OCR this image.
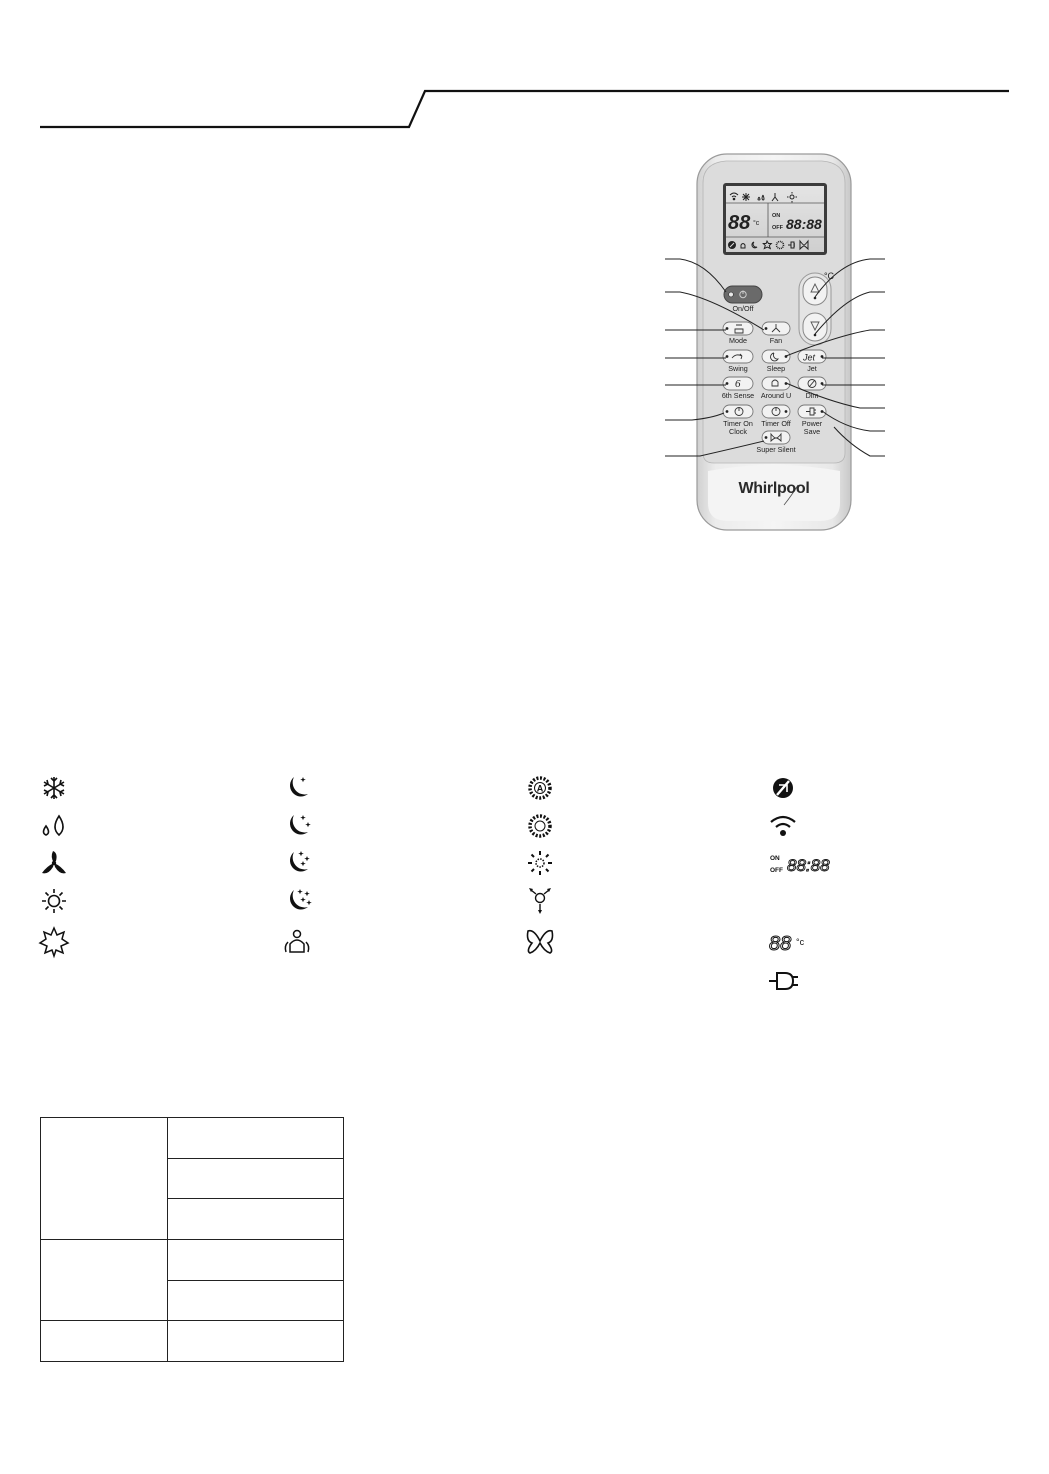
88 °c
ON
OFF 88:88
Jet
6
On/Off
Mode	Fan
Swing	Sleep	Jet
6th Sense Around U	Dim
Timer On
Clock
Timer Off	Power
Save
Super Silent
°C
Whirlpool
A
ON
OFF 88:88
88 °c
